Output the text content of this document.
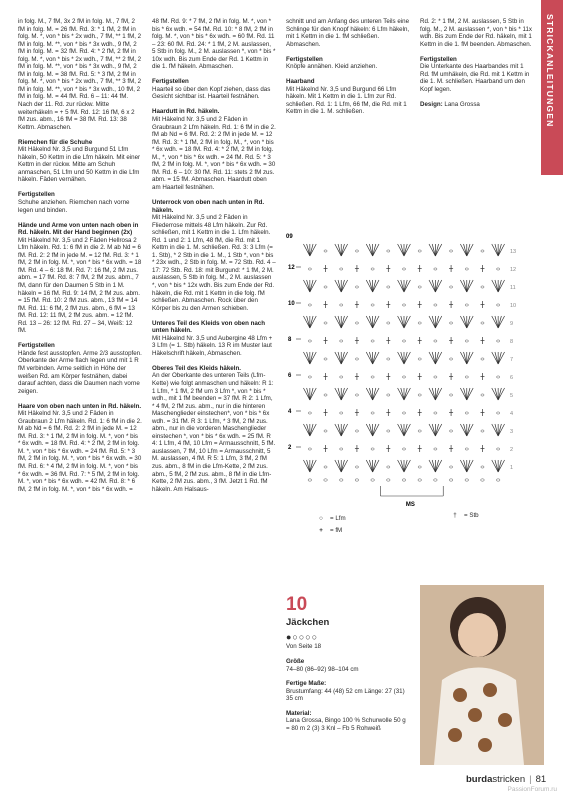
STRICKANLEITUNGEN

in folg. M., 7 fM, 3x 2 fM in folg. M., 7 fM, 2 fM in folg. M. = 26 fM. Rd. 3: * 1 fM, 2 fM in folg. M. *, von * bis * 2x wdh., 7 fM, ** 1 fM, 2 fM in folg. M. **, von * bis * 3x wdh., 9 fM, 2 fM in folg. M. = 32 fM. Rd. 4: * 2 fM, 2 fM in folg. M. *, von * bis * 2x wdh., 7 fM, ** 2 fM, 2 fM in folg. M. **, von * bis * 3x wdh., 9 fM, 2 fM in folg. M. = 38 fM. Rd. 5: * 3 fM, 2 fM in folg. M. *, von * bis * 2x wdh., 7 fM, ** 3 fM, 2 fM in folg. M. **, von * bis * 3x wdh., 10 fM, 2 fM in folg. M. = 44 fM. Rd. 6 – 11: 44 fM. Nach der 11. Rd. zur rückw. Mitte weiterhäkeln = + 5 fM. Rd. 12: 16 fM, 6 x 2 fM zus. abm., 16 fM = 38 fM. Rd. 13: 38 Kettm. Abmaschen.

Riemchen für die Schuhe
Mit Häkelnd Nr. 3,5 und Burgund 51 Lfm häkeln, 50 Kettm in die Lfm häkeln. Mit einer Kettm in der rückw. Mitte am Schuh anmaschen, 51 Lfm und 50 Kettm in die Lfm häkeln. Fäden vernähen.

Fertigstellen
Schuhe anziehen. Riemchen nach vorne legen und binden.

Hände und Arme von unten nach oben in Rd. häkeln. Mit der Hand beginnen (2x)
Mit Häkelnd Nr. 3,5 und 2 Fäden Hellrosa 2 Lfm häkeln. Rd. 1: 6 fM in die 2. M ab Nd = 6 fM. Rd. 2: 2 fM in jede M. = 12 fM. Rd. 3: * 1 fM, 2 fM in folg. M. *, von * bis * 6x wdh. = 18 fM. Rd. 4 – 6: 18 fM. Rd. 7: 16 fM, 2 fM zus. abm. = 17 fM. Rd. 8: 7 fM, 2 fM zus. abm., 7 fM, dann für den Daumen 5 Stb in 1 M. häkeln = 16 fM. Rd. 9: 14 fM, 2 fM zus. abm. = 15 fM. Rd. 10: 2 fM zus. abm., 13 fM = 14 fM. Rd. 11: 6 fM, 2 fM zus. abm., 6 fM = 13 fM. Rd. 12: 11 fM, 2 fM zus. abm. = 12 fM. Rd. 13 – 26: 12 fM. Rd. 27 – 34, Weiß: 12 fM.

Fertigstellen
Hände fest ausstopfen. Arme 2/3 ausstopfen. Oberkante der Arme flach legen und mit 1 R fM verbinden. Arme seitlich in Höhe der weißen Rd. am Körper festnähen, dabei darauf achten, dass die Daumen nach vorne zeigen.

Haare von oben nach unten in Rd. häkeln.
Mit Häkelnd Nr. 3,5 und 2 Fäden in Graubraun 2 Lfm häkeln. Rd. 1: 6 fM in die 2. M ab Nd = 6 fM. Rd. 2: 2 fM in jede M. = 12 fM. Rd. 3: * 1 fM, 2 fM in folg. M. *, von * bis * 6x wdh. = 18 fM. Rd. 4: * 2 fM, 2 fM in folg. M. *, von * bis * 6x wdh. = 24 fM. Rd. 5: * 3 fM, 2 fM in folg. M. *, von * bis * 6x wdh. = 30 fM. Rd. 6: * 4 fM, 2 fM in folg. M. *, von * bis * 6x wdh. = 36 fM. Rd. 7: * 5 fM, 2 fM in folg. M. *, von * bis * 6x wdh. = 42 fM. Rd. 8: * 6 fM, 2 fM in folg. M. *, von * bis * 6x wdh. =

48 fM. Rd. 9: * 7 fM, 2 fM in folg. M. *, von * bis * 6x wdh. = 54 fM. Rd. 10: * 8 fM, 2 fM in folg. M. *, von * bis * 6x wdh. = 60 fM. Rd. 11 – 23: 60 fM. Rd. 24: * 1 fM, 2 M. auslassen, 5 Stb in folg. M., 2 M. auslassen *, von * bis * 10x wdh. Bis zum Ende der Rd. 1 Kettm in die 1. fM häkeln. Abmaschen.

Fertigstellen
Haarteil so über den Kopf ziehen, dass das Gesicht sichtbar ist. Haarteil festnähen.

Haardutt in Rd. häkeln.
Mit Häkelnd Nr. 3,5 und 2 Fäden in Graubraun 2 Lfm häkeln. Rd. 1: 6 fM in die 2. fM ab Nd = 6 fM. Rd. 2: 2 fM in jede M. = 12 fM. Rd. 3: * 1 fM, 2 fM in folg. M., *, von * bis * 6x wdh. = 18 fM. Rd. 4: * 2 fM, 2 fM in folg. M., *, von * bis * 6x wdh. = 24 fM. Rd. 5: * 3 fM, 2 fM in folg. M. *, von * bis * 6x wdh. = 30 fM. Rd. 6 – 10: 30 fM. Rd. 11: stets 2 fM zus. abm. = 15 fM. Abmaschen. Haardutt oben am Haarteil festnähen.

Unterrock von oben nach unten in Rd. häkeln.
Mit Häkelnd Nr. 3,5 und 2 Fäden in Fliederrose mittels 48 Lfm häkeln. Zur Rd. schließen, mit 1 Kettm in die 1. Lfm häkeln. Rd. 1 und 2: 1 Lfm, 48 fM, die Rd. mit 1 Kettm in die 1. M. schließen. Rd. 3: 3 Lfm (= 1. Stb), * 2 Stb in die 1. M., 1 Stb *, von * bis * 23x wdh., 2 Stb in folg. M. = 72 Stb. Rd. 4 – 17: 72 Stb. Rd. 18: mit Burgund: * 1 fM, 2 M. auslassen, 5 Stb in folg. M., 2 M. auslassen *, von * bis * 12x wdh. Bis zum Ende der Rd. häkeln, die Rd. mit 1 Kettm in die folg. fM schließen. Abmaschen. Rock über den Körper bis zu den Armen schieben.

Unteres Teil des Kleids von oben nach unten häkeln.
Mit Häkelnd Nr. 3,5 und Aubergine 48 Lfm + 3 Lfm (= 1. Stb) häkeln. 13 R im Muster laut Häkelschrift häkeln, Abmaschen.

Oberes Teil des Kleids häkeln.
An der Oberkante des unteren Teils (Lfm-Kette) wie folgt anmaschen und häkeln: R 1: 1 Lfm, * 1 fM, 2 fM um 3 Lfm *, von * bis * wdh., mit 1 fM beenden = 37 fM. R 2: 1 Lfm, * 4 fM, 2 fM zus. abm., nur in die hinteren Maschenglieder einstechen*, von * bis * 6x wdh. = 31 fM. R 3: 1 Lfm, * 3 fM, 2 fM zus. abm., nur in die vorderen Maschenglieder einstechen *, von * bis * 6x wdh. = 25 fM. R 4: 1 Lfm, 4 fM, 10 Lfm = Armausschnitt, 5 fM. auslassen, 7 fM, 10 Lfm = Armausschnitt, 5 M. auslassen, 4 fM. R 5: 1 Lfm, 3 fM, 2 fM zus. abm., 8 fM in die Lfm-Kette, 2 fM zus. abm., 5 fM, 2 fM zus. abm., 8 fM in die Lfm-Kette, 2 fM zus. abm., 3 fM. Jetzt 1 Rd. fM häkeln. Am Halsaus-

schnitt und am Anfang des unteren Teils eine Schlinge für den Knopf häkeln: 6 Lfm häkeln, mit 1 Kettm in die 1. fM schließen. Abmaschen.

Fertigstellen
Knöpfe annähen. Kleid anziehen.

Haarband
Mit Häkelnd Nr. 3,5 und Burgund 66 Lfm häkeln. Mit 1 Kettm in die 1. Lfm zur Rd. schließen. Rd. 1: 1 Lfm, 66 fM, die Rd. mit 1 Kettm in die 1. M. schließen.

Rd. 2: * 1 fM, 2 M. auslassen, 5 Stb in folg. M., 2 M. auslassen *, von * bis * 11x wdh. Bis zum Ende der Rd. häkeln, mit 1 Kettm in die 1. fM beenden. Abmaschen.

Fertigstellen
Die Unterkante des Haarbandes mit 1 Rd. fM umhäkeln, die Rd. mit 1 Kettm in die 1. M. schließen. Haarband um den Kopf legen.

Design: Lana Grossa

09
1
2
3
4
5
6
7
8
9
10
11
12
13
2
4
6
8
10
12
MS
○	= Lfm
+	= fM
†	= Stb
10
Jäckchen
●○○○○
Von Seite 18

Größe
74–80 (86–92) 98–104 cm

Fertige Maße:
Brustumfang: 44 (48) 52 cm Länge: 27 (31) 35 cm

Material:
Lana Grossa, Bingo 100 % Schurwolle 50 g = 80 m 2 (3) 3 Knl – Fb 5 Rohweiß

burdastricken | 81
PassionForum.ru
